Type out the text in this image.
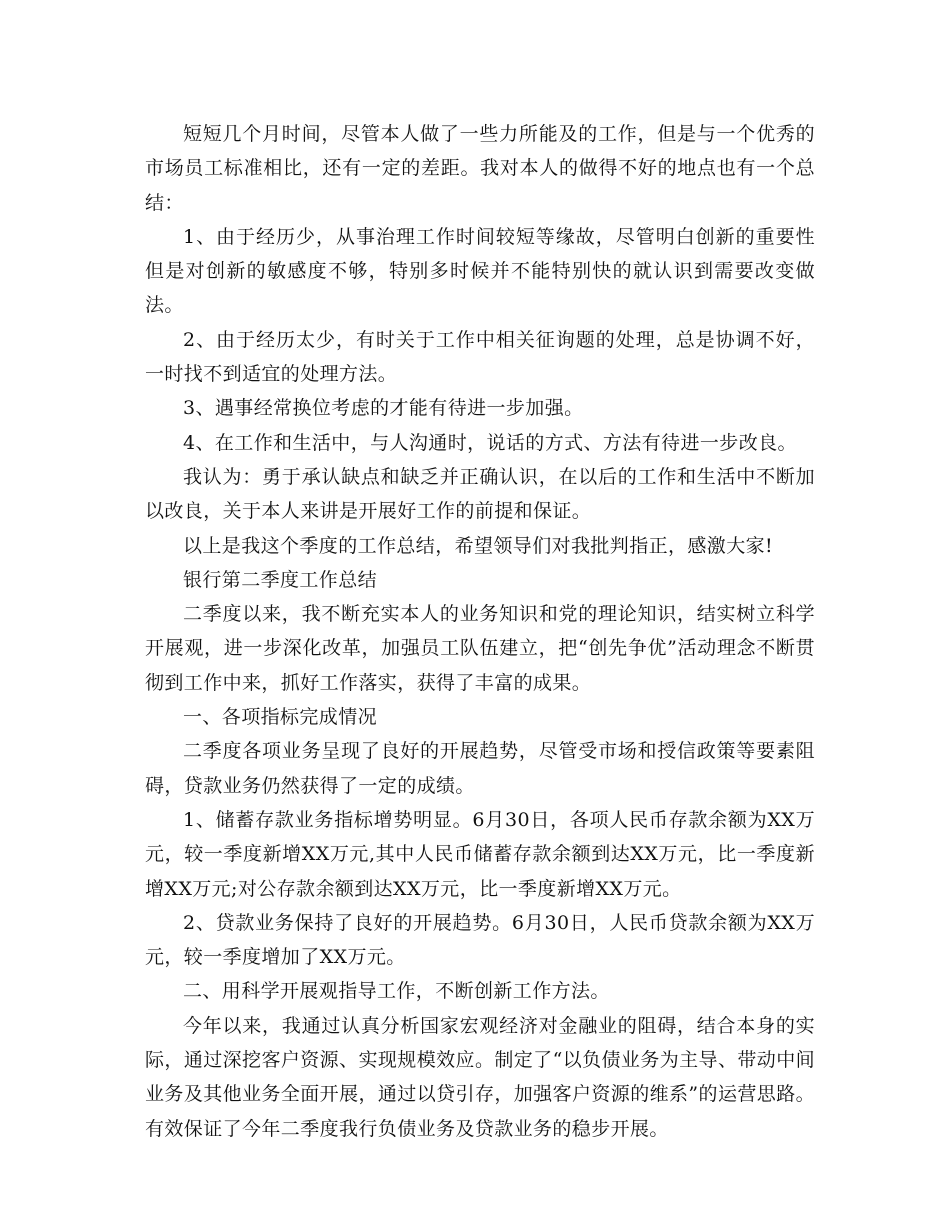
短短几个月时间，尽管本人做了一些力所能及的工作，但是与一个优秀的市场员工标准相比，还有一定的差距。我对本人的做得不好的地点也有一个总结：

1、由于经历少，从事治理工作时间较短等缘故，尽管明白创新的重要性但是对创新的敏感度不够，特别多时候并不能特别快的就认识到需要改变做法。

2、由于经历太少，有时关于工作中相关征询题的处理，总是协调不好，一时找不到适宜的处理方法。

3、遇事经常换位考虑的才能有待进一步加强。

4、在工作和生活中，与人沟通时，说话的方式、方法有待进一步改良。

我认为：勇于承认缺点和缺乏并正确认识，在以后的工作和生活中不断加以改良，关于本人来讲是开展好工作的前提和保证。

以上是我这个季度的工作总结，希望领导们对我批判指正，感激大家!

银行第二季度工作总结

二季度以来，我不断充实本人的业务知识和党的理论知识，结实树立科学开展观，进一步深化改革，加强员工队伍建立，把“创先争优”活动理念不断贯彻到工作中来，抓好工作落实，获得了丰富的成果。

一、各项指标完成情况

二季度各项业务呈现了良好的开展趋势，尽管受市场和授信政策等要素阻碍，贷款业务仍然获得了一定的成绩。

1、储蓄存款业务指标增势明显。6月30日，各项人民币存款余额为XX万元，较一季度新增XX万元,其中人民币储蓄存款余额到达XX万元，比一季度新增XX万元;对公存款余额到达XX万元，比一季度新增XX万元。

2、贷款业务保持了良好的开展趋势。6月30日，人民币贷款余额为XX万元，较一季度增加了XX万元。

二、用科学开展观指导工作，不断创新工作方法。

今年以来，我通过认真分析国家宏观经济对金融业的阻碍，结合本身的实际，通过深挖客户资源、实现规模效应。制定了“以负债业务为主导、带动中间业务及其他业务全面开展，通过以贷引存，加强客户资源的维系”的运营思路。有效保证了今年二季度我行负债业务及贷款业务的稳步开展。
